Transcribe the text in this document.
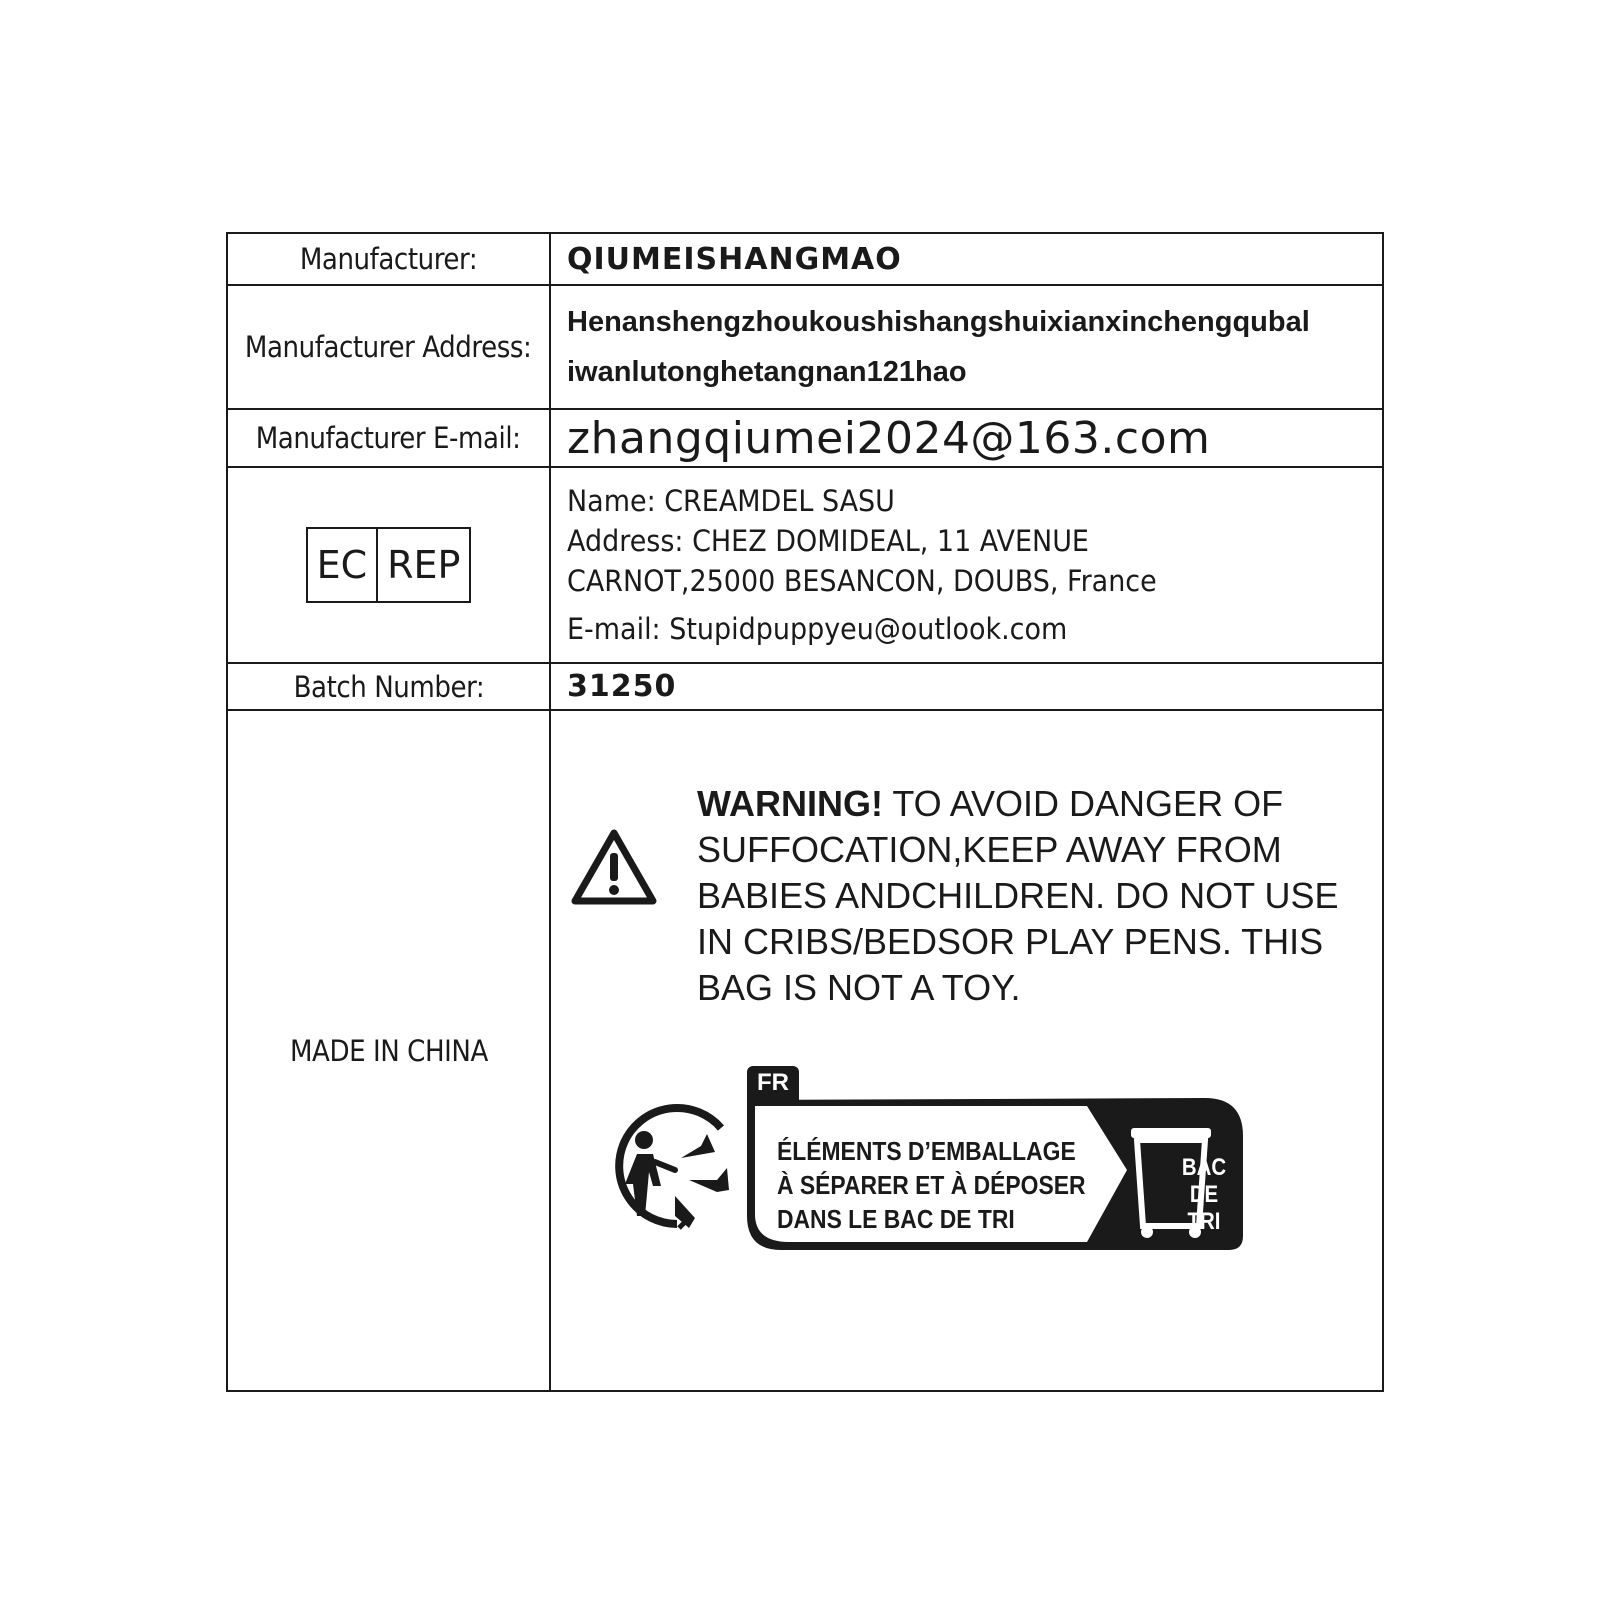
Manufacturer:	QIUMEISHANGMAO
Manufacturer Address:
Henanshengzhoukoushishangshuixianxinchengqubal
iwanlutonghetangnan121hao
Manufacturer E-mail: zhangqiumei2024@163.com
EC REP
Name: CREAMDEL SASU
Address: CHEZ DOMIDEAL, 11 AVENUE
CARNOT,25000 BESANCON, DOUBS, France
E-mail: Stupidpuppyeu@outlook.com
Batch Number:	31250
MADE IN CHINA
WARNING! TO AVOID DANGER OF SUFFOCATION,KEEP AWAY FROM BABIES ANDCHILDREN. DO NOT USE IN CRIBS/BEDSOR PLAY PENS. THIS BAG IS NOT A TOY.
FR
ÉLÉMENTS D’EMBALLAGE
À SÉPARER ET À DÉPOSER
DANS LE BAC DE TRI
BAC
DE
TRI
